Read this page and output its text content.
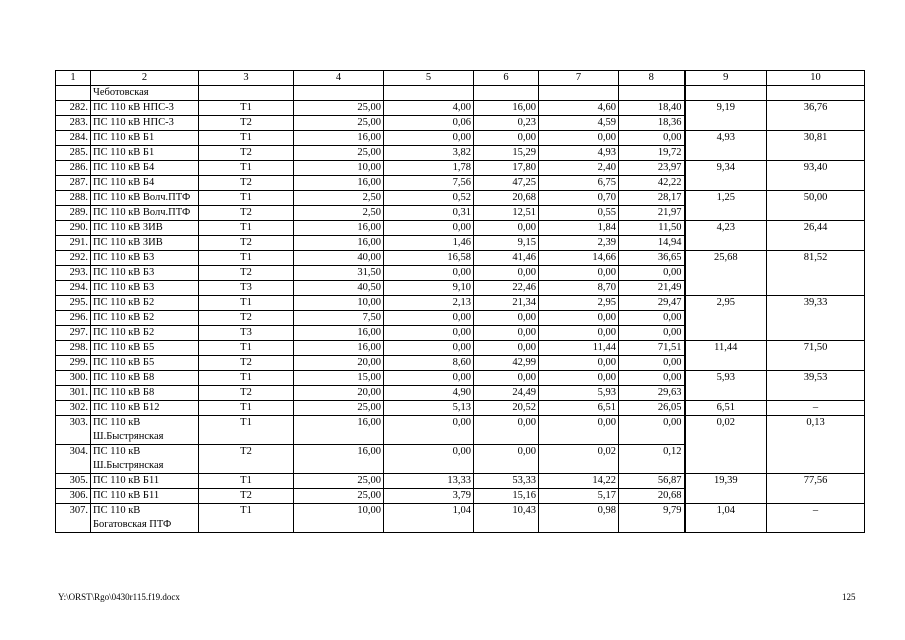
1	2	3	4	5	6	7	8	9	10
	Чеботовская								
282.	ПС 110 кВ НПС-3	Т1	25,00	4,00	16,00	4,60	18,40	9,19	36,76
283.	ПС 110 кВ НПС-3	Т2	25,00	0,06	0,23	4,59	18,36		
284.	ПС 110 кВ Б1	Т1	16,00	0,00	0,00	0,00	0,00	4,93	30,81
285.	ПС 110 кВ Б1	Т2	25,00	3,82	15,29	4,93	19,72		
286.	ПС 110 кВ Б4	Т1	10,00	1,78	17,80	2,40	23,97	9,34	93,40
287.	ПС 110 кВ Б4	Т2	16,00	7,56	47,25	6,75	42,22		
288.	ПС 110 кВ Волч.ПТФ	Т1	2,50	0,52	20,68	0,70	28,17	1,25	50,00
289.	ПС 110 кВ Волч.ПТФ	Т2	2,50	0,31	12,51	0,55	21,97		
290.	ПС 110 кВ ЗИВ	Т1	16,00	0,00	0,00	1,84	11,50	4,23	26,44
291.	ПС 110 кВ ЗИВ	Т2	16,00	1,46	9,15	2,39	14,94		
292.	ПС 110 кВ Б3	Т1	40,00	16,58	41,46	14,66	36,65	25,68	81,52
293.	ПС 110 кВ Б3	Т2	31,50	0,00	0,00	0,00	0,00		
294.	ПС 110 кВ Б3	Т3	40,50	9,10	22,46	8,70	21,49		
295.	ПС 110 кВ Б2	Т1	10,00	2,13	21,34	2,95	29,47	2,95	39,33
296.	ПС 110 кВ Б2	Т2	7,50	0,00	0,00	0,00	0,00		
297.	ПС 110 кВ Б2	Т3	16,00	0,00	0,00	0,00	0,00		
298.	ПС 110 кВ Б5	Т1	16,00	0,00	0,00	11,44	71,51	11,44	71,50
299.	ПС 110 кВ Б5	Т2	20,00	8,60	42,99	0,00	0,00		
300.	ПС 110 кВ Б8	Т1	15,00	0,00	0,00	0,00	0,00	5,93	39,53
301.	ПС 110 кВ Б8	Т2	20,00	4,90	24,49	5,93	29,63		
302.	ПС 110 кВ Б12	Т1	25,00	5,13	20,52	6,51	26,05	6,51	–
303.	ПС 110 кВ Ш.Быстрянская	Т1	16,00	0,00	0,00	0,00	0,00	0,02	0,13
304.	ПС 110 кВ Ш.Быстрянская	Т2	16,00	0,00	0,00	0,02	0,12		
305.	ПС 110 кВ Б11	Т1	25,00	13,33	53,33	14,22	56,87	19,39	77,56
306.	ПС 110 кВ Б11	Т2	25,00	3,79	15,16	5,17	20,68		
307.	ПС 110 кВ Богатовская ПТФ	Т1	10,00	1,04	10,43	0,98	9,79	1,04	–
Y:\ORST\Rgo\0430r115.f19.docx	125
